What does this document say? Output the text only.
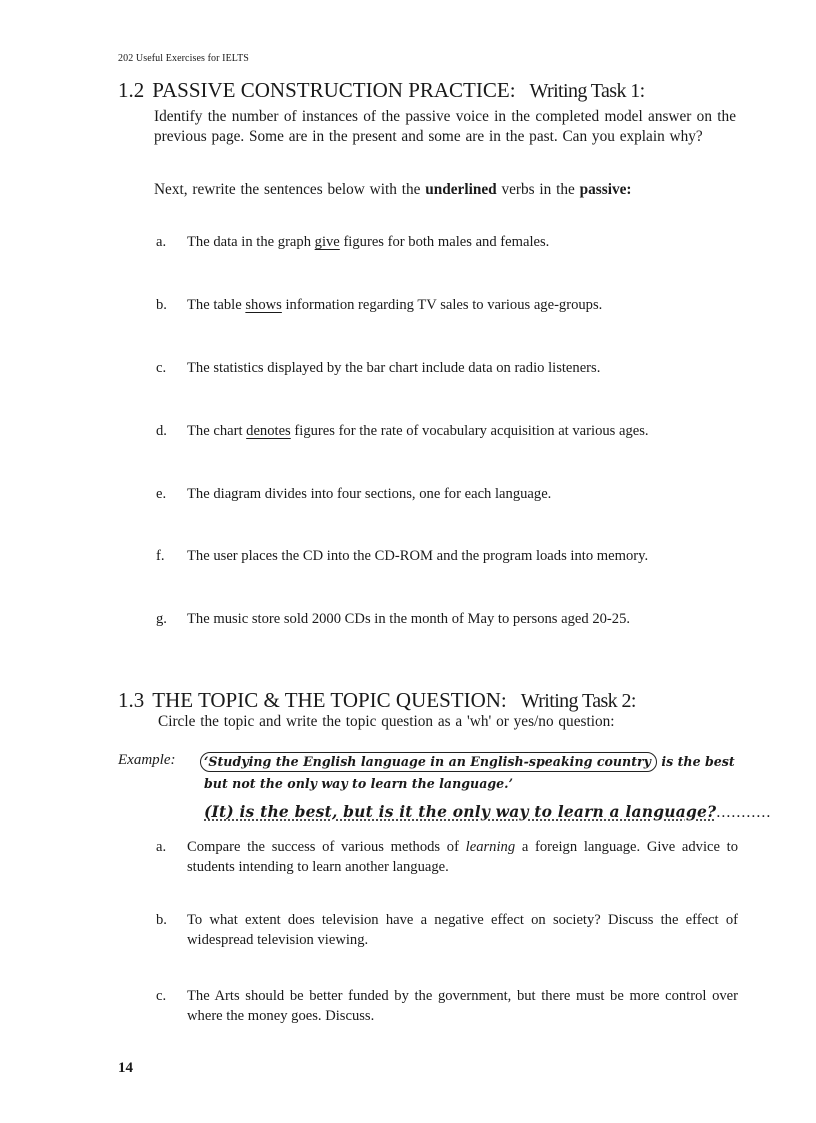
202 Useful Exercises for IELTS
1.2 PASSIVE CONSTRUCTION PRACTICE: Writing Task 1:
Identify the number of instances of the passive voice in the completed model answer on the previous page. Some are in the present and some are in the past. Can you explain why?
Next, rewrite the sentences below with the underlined verbs in the passive:
a. The data in the graph give figures for both males and females.
b. The table shows information regarding TV sales to various age-groups.
c. The statistics displayed by the bar chart include data on radio listeners.
d. The chart denotes figures for the rate of vocabulary acquisition at various ages.
e. The diagram divides into four sections, one for each language.
f. The user places the CD into the CD-ROM and the program loads into memory.
g. The music store sold 2000 CDs in the month of May to persons aged 20-25.
1.3 THE TOPIC & THE TOPIC QUESTION: Writing Task 2:
Circle the topic and write the topic question as a 'wh' or yes/no question:
Example: ‘Studying the English language in an English-speaking country is the best
but not the only way to learn the language.’
(It) is the best, but is it the only way to learn a language?...........
a. Compare the success of various methods of learning a foreign language. Give advice to students intending to learn another language.
b. To what extent does television have a negative effect on society? Discuss the effect of widespread television viewing.
c. The Arts should be better funded by the government, but there must be more control over where the money goes. Discuss.
14
